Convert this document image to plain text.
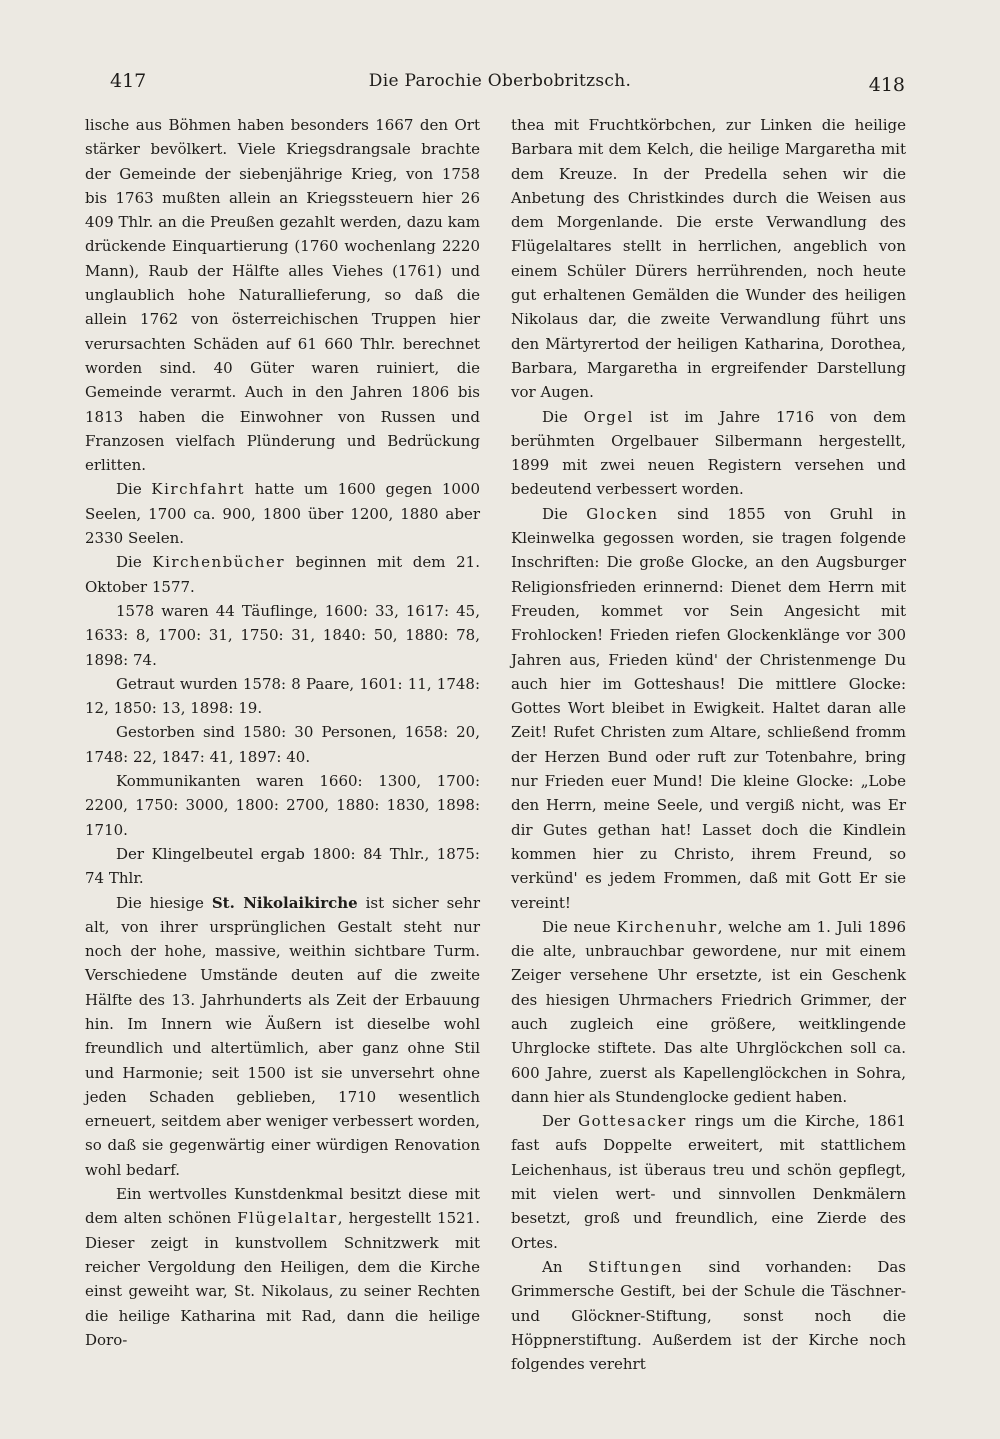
417	Die Parochie Oberbobritzsch.	418

lische aus Böhmen haben besonders 1667 den Ort stärker bevölkert. Viele Kriegsdrangsale brachte der Gemeinde der siebenjährige Krieg, von 1758 bis 1763 mußten allein an Kriegssteuern hier 26 409 Thlr. an die Preußen gezahlt werden, dazu kam drückende Einquartierung (1760 wochenlang 2220 Mann), Raub der Hälfte alles Viehes (1761) und unglaublich hohe Naturallieferung, so daß die allein 1762 von österreichischen Truppen hier verursachten Schäden auf 61 660 Thlr. berechnet worden sind. 40 Güter waren ruiniert, die Gemeinde verarmt. Auch in den Jahren 1806 bis 1813 haben die Einwohner von Russen und Franzosen vielfach Plünderung und Bedrückung erlitten.

Die Kirchfahrt hatte um 1600 gegen 1000 Seelen, 1700 ca. 900, 1800 über 1200, 1880 aber 2330 Seelen.

Die Kirchenbücher beginnen mit dem 21. Oktober 1577.

1578 waren 44 Täuflinge, 1600: 33, 1617: 45, 1633: 8, 1700: 31, 1750: 31, 1840: 50, 1880: 78, 1898: 74.

Getraut wurden 1578: 8 Paare, 1601: 11, 1748: 12, 1850: 13, 1898: 19.

Gestorben sind 1580: 30 Personen, 1658: 20, 1748: 22, 1847: 41, 1897: 40.

Kommunikanten waren 1660: 1300, 1700: 2200, 1750: 3000, 1800: 2700, 1880: 1830, 1898: 1710.

Der Klingelbeutel ergab 1800: 84 Thlr., 1875: 74 Thlr.

Die hiesige St. Nikolaikirche ist sicher sehr alt, von ihrer ursprünglichen Gestalt steht nur noch der hohe, massive, weithin sichtbare Turm. Verschiedene Umstände deuten auf die zweite Hälfte des 13. Jahrhunderts als Zeit der Erbauung hin. Im Innern wie Äußern ist dieselbe wohl freundlich und altertümlich, aber ganz ohne Stil und Harmonie; seit 1500 ist sie unversehrt ohne jeden Schaden geblieben, 1710 wesentlich erneuert, seitdem aber weniger verbessert worden, so daß sie gegenwärtig einer würdigen Renovation wohl bedarf.

Ein wertvolles Kunstdenkmal besitzt diese mit dem alten schönen Flügelaltar, hergestellt 1521. Dieser zeigt in kunstvollem Schnitzwerk mit reicher Vergoldung den Heiligen, dem die Kirche einst geweiht war, St. Nikolaus, zu seiner Rechten die heilige Katharina mit Rad, dann die heilige Doro-

thea mit Fruchtkörbchen, zur Linken die heilige Barbara mit dem Kelch, die heilige Margaretha mit dem Kreuze. In der Predella sehen wir die Anbetung des Christkindes durch die Weisen aus dem Morgenlande. Die erste Verwandlung des Flügelaltares stellt in herrlichen, angeblich von einem Schüler Dürers herrührenden, noch heute gut erhaltenen Gemälden die Wunder des heiligen Nikolaus dar, die zweite Verwandlung führt uns den Märtyrertod der heiligen Katharina, Dorothea, Barbara, Margaretha in ergreifender Darstellung vor Augen.

Die Orgel ist im Jahre 1716 von dem berühmten Orgelbauer Silbermann hergestellt, 1899 mit zwei neuen Registern versehen und bedeutend verbessert worden.

Die Glocken sind 1855 von Gruhl in Kleinwelka gegossen worden, sie tragen folgende Inschriften: Die große Glocke, an den Augsburger Religionsfrieden erinnernd: Dienet dem Herrn mit Freuden, kommet vor Sein Angesicht mit Frohlocken! Frieden riefen Glockenklänge vor 300 Jahren aus, Frieden künd' der Christenmenge Du auch hier im Gotteshaus! Die mittlere Glocke: Gottes Wort bleibet in Ewigkeit. Haltet daran alle Zeit! Rufet Christen zum Altare, schließend fromm der Herzen Bund oder ruft zur Totenbahre, bring nur Frieden euer Mund! Die kleine Glocke: „Lobe den Herrn, meine Seele, und vergiß nicht, was Er dir Gutes gethan hat! Lasset doch die Kindlein kommen hier zu Christo, ihrem Freund, so verkünd' es jedem Frommen, daß mit Gott Er sie vereint!

Die neue Kirchenuhr, welche am 1. Juli 1896 die alte, unbrauchbar gewordene, nur mit einem Zeiger versehene Uhr ersetzte, ist ein Geschenk des hiesigen Uhrmachers Friedrich Grimmer, der auch zugleich eine größere, weitklingende Uhrglocke stiftete. Das alte Uhrglöckchen soll ca. 600 Jahre, zuerst als Kapellenglöckchen in Sohra, dann hier als Stundenglocke gedient haben.

Der Gottesacker rings um die Kirche, 1861 fast aufs Doppelte erweitert, mit stattlichem Leichenhaus, ist überaus treu und schön gepflegt, mit vielen wert- und sinnvollen Denkmälern besetzt, groß und freundlich, eine Zierde des Ortes.

An Stiftungen sind vorhanden: Das Grimmersche Gestift, bei der Schule die Täschner- und Glöckner-Stiftung, sonst noch die Höppnerstiftung. Außerdem ist der Kirche noch folgendes verehrt
